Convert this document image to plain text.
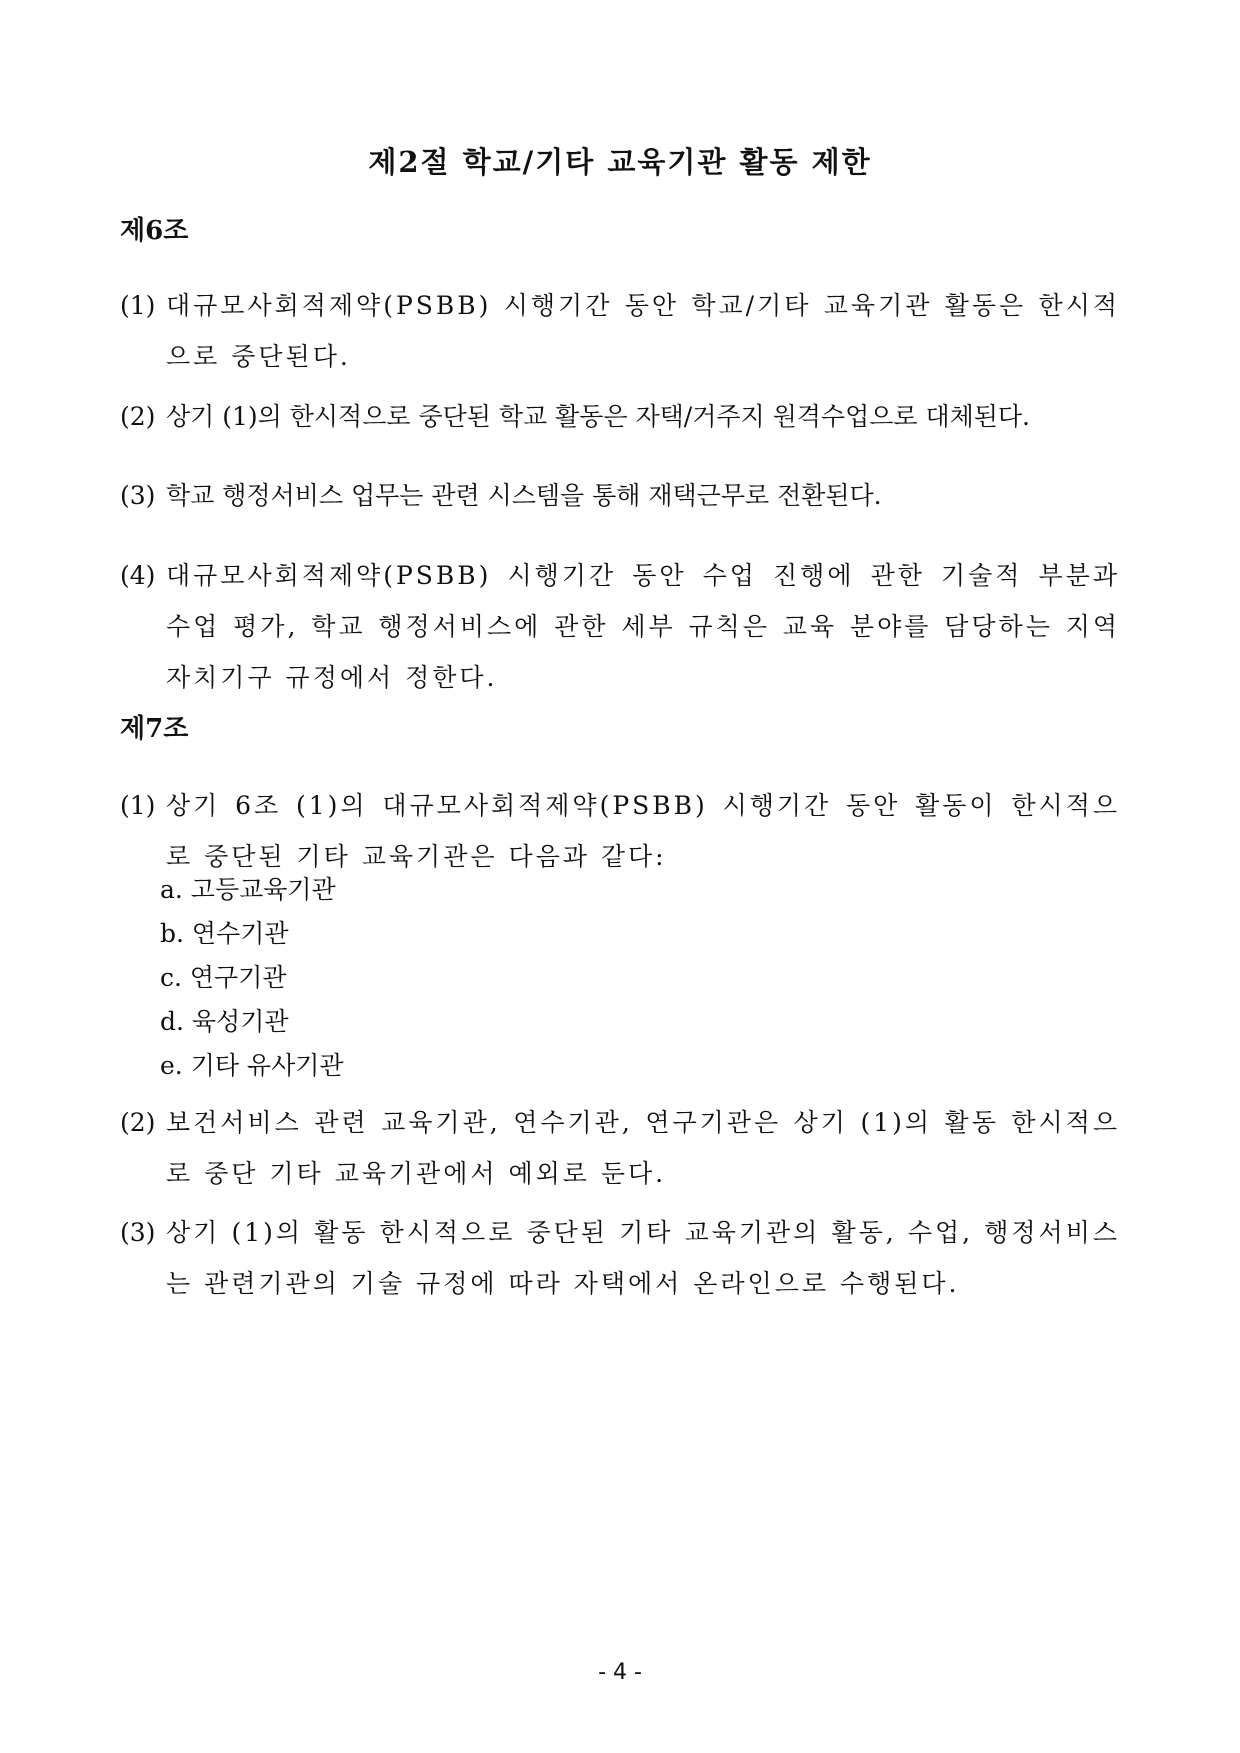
제2절 학교/기타 교육기관 활동 제한
제6조
(1) 대규모사회적제약(PSBB) 시행기간 동안 학교/기타 교육기관 활동은 한시적으로 중단된다.
(2) 상기 (1)의 한시적으로 중단된 학교 활동은 자택/거주지 원격수업으로 대체된다.
(3) 학교 행정서비스 업무는 관련 시스템을 통해 재택근무로 전환된다.
(4) 대규모사회적제약(PSBB) 시행기간 동안 수업 진행에 관한 기술적 부분과 수업 평가, 학교 행정서비스에 관한 세부 규칙은 교육 분야를 담당하는 지역자치기구 규정에서 정한다.
제7조
(1) 상기 6조 (1)의 대규모사회적제약(PSBB) 시행기간 동안 활동이 한시적으로 중단된 기타 교육기관은 다음과 같다:
a. 고등교육기관
b. 연수기관
c. 연구기관
d. 육성기관
e. 기타 유사기관
(2) 보건서비스 관련 교육기관, 연수기관, 연구기관은 상기 (1)의 활동 한시적으로 중단 기타 교육기관에서 예외로 둔다.
(3) 상기 (1)의 활동 한시적으로 중단된 기타 교육기관의 활동, 수업, 행정서비스는 관련기관의 기술 규정에 따라 자택에서 온라인으로 수행된다.
- 4 -
